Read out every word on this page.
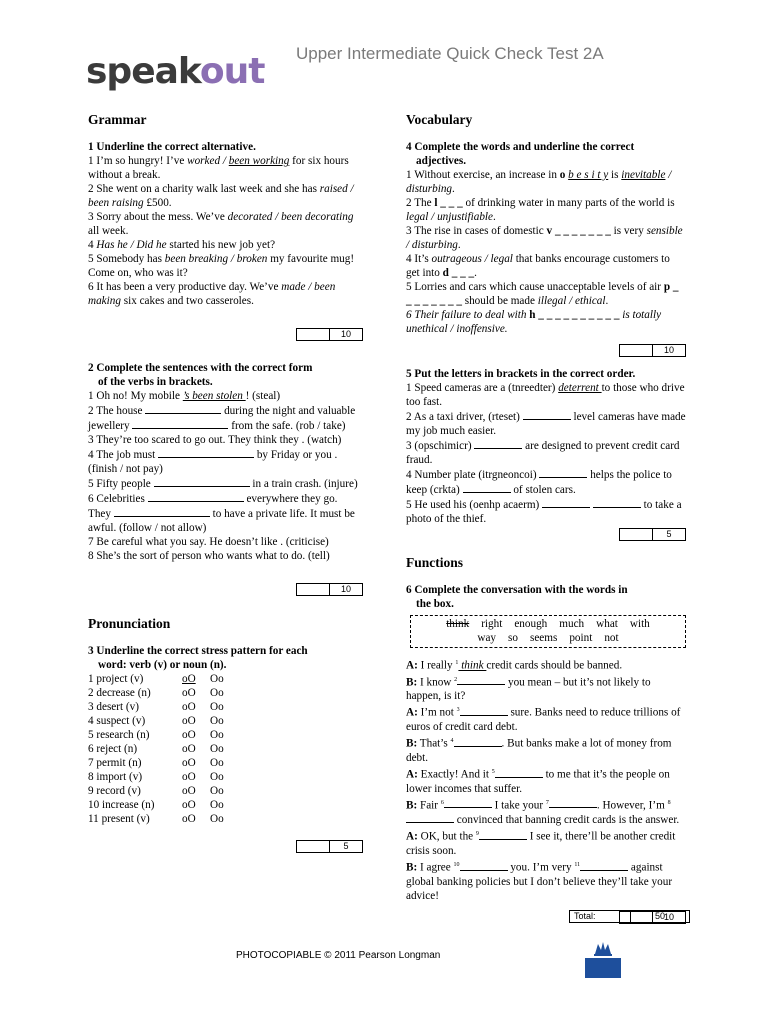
speakout Upper Intermediate Quick Check Test 2A
Grammar

1 Underline the correct alternative.

1 I’m so hungry! I’ve worked / been working for six hours without a break.

2 She went on a charity walk last week and she has raised / been raising £500.

3 Sorry about the mess. We’ve decorated / been decorating all week.

4 Has he / Did he started his new job yet?

5 Somebody has been breaking / broken my favourite mug! Come on, who was it?

6 It has been a very productive day. We’ve made / been making six cakes and two casseroles.

10

2 Complete the sentences with the correct form
of the verbs in brackets.

1 Oh no! My mobile ’s been stolen ! (steal)

2 The house	during the night and valuable jewellery	from the safe. (rob / take)

3 They’re too scared to go out. They think they . (watch)

4 The job must	by Friday or you . (finish / not pay)

5 Fifty people	in a train crash. (injure)

6 Celebrities	everywhere they go. They	to have a private life. It must be awful. (follow / not allow)

7 Be careful what you say. He doesn’t like . (criticise)

8 She’s the sort of person who wants what to do. (tell)

10
Pronunciation

3 Underline the correct stress pattern for each
word: verb (v) or noun (n).

1 project (v)	oO	Oo
2 decrease (n)	oO	Oo
3 desert (v)	oO	Oo
4 suspect (v)	oO	Oo
5 research (n)	oO	Oo
6 reject (n)	oO	Oo
7 permit (n)	oO	Oo
8 import (v)	oO	Oo
9 record (v)	oO	Oo
10 increase (n)	oO	Oo
11 present (v)	oO	Oo
5
Vocabulary

4 Complete the words and underline the correct
adjectives.

1 Without exercise, an increase in o b e s i t y is inevitable / disturbing.

2 The l _ _ _ of drinking water in many parts of the world is legal / unjustifiable.

3 The rise in cases of domestic v _ _ _ _ _ _ _ is very sensible / disturbing.

4 It’s outrageous / legal that banks encourage customers to get into d _ _ _.

5 Lorries and cars which cause unacceptable levels of air p _ _ _ _ _ _ _ _ should be made illegal / ethical.

6 Their failure to deal with h _ _ _ _ _ _ _ _ _ _ is totally unethical / inoffensive.

10

5 Put the letters in brackets in the correct order.

1 Speed cameras are a (tnreedter) deterrent to those who drive too fast.

2 As a taxi driver, (rteset)	level cameras have made my job much easier.

3 (opschimicr)	are designed to prevent credit card fraud.

4 Number plate (itrgneoncoi)	helps the police to keep (crkta)	of stolen cars.

5 He used his (oenhp acaerm)	to take a photo of the thief.

5
Functions

6 Complete the conversation with the words in
the box.

think right enough much what with
way so seems point not

A: I really $^1$ think credit cards should be banned.

B: I know $^2$	you mean – but it’s not likely to happen, is it?

A: I’m not $^3$	sure. Banks need to reduce trillions of euros of credit card debt.

B: That’s $^4$	. But banks make a lot of money from debt.

A: Exactly! And it $^5$	to me that it’s the people on lower incomes that suffer.

B: Fair $^6$	I take your $^7$	. However, I’m $^8$ convinced that banning credit cards is the answer.

A: OK, but the $^9$	I see it, there’ll be another credit crisis soon.

B: I agree $^{10}$	you. I’m very $^{11}$	against global banking policies but I don’t believe they’ll take your advice!

10
Total:	50
PHOTOCOPIABLE © 2011 Pearson Longman
